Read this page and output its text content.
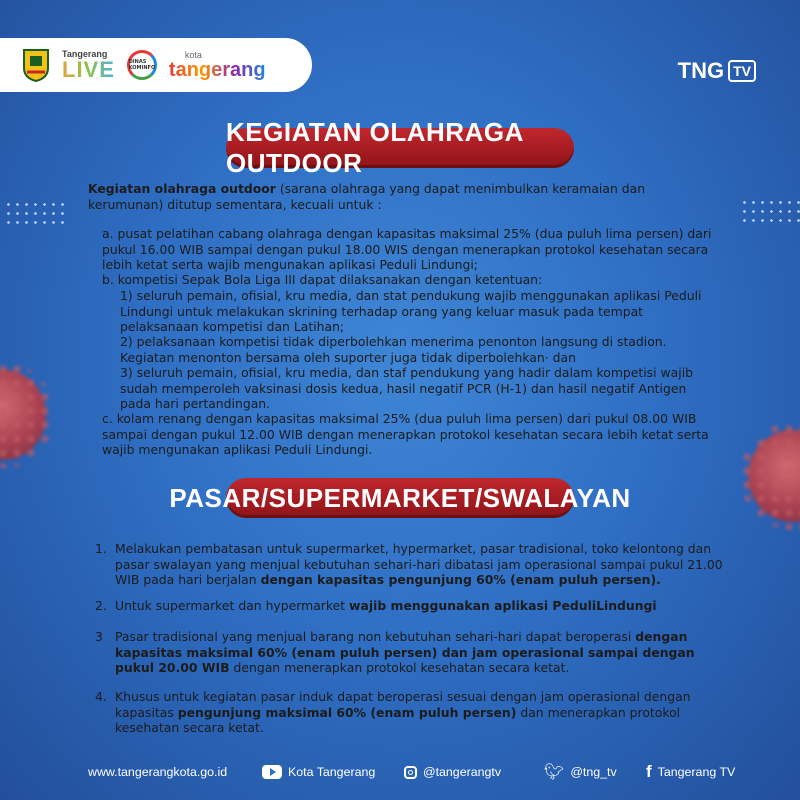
Tangerang
LIVE	DINAS KOMINFO
kota
tangerang	TNG TV
KEGIATAN OLAHRAGA OUTDOOR
Kegiatan olahraga outdoor (sarana olahraga yang dapat menimbulkan keramaian dan kerumunan) ditutup sementara, kecuali untuk :
a. pusat pelatihan cabang olahraga dengan kapasitas maksimal 25% (dua puluh lima persen) dari pukul 16.00 WIB sampai dengan pukul 18.00 WIS dengan menerapkan protokol kesehatan secara lebih ketat serta wajib mengunakan aplikasi Peduli Lindungi;
b. kompetisi Sepak Bola Liga III dapat dilaksanakan dengan ketentuan:
1) seluruh pemain, ofisial, kru media, dan stat pendukung wajib menggunakan aplikasi Peduli Lindungi untuk melakukan skrining terhadap orang yang keluar masuk pada tempat pelaksanaan kompetisi dan Latihan;
2) pelaksanaan kompetisi tidak diperbolehkan menerima penonton langsung di stadion. Kegiatan menonton bersama oleh suporter juga tidak diperbolehkan· dan
3) seluruh pemain, ofisial, kru media, dan staf pendukung yang hadir dalam kompetisi wajib sudah memperoleh vaksinasi dosis kedua, hasil negatif PCR (H-1) dan hasil negatif Antigen pada hari pertandingan.
c. kolam renang dengan kapasitas maksimal 25% (dua puluh lima persen) dari pukul 08.00 WIB sampai dengan pukul 12.00 WIB dengan menerapkan protokol kesehatan secara lebih ketat serta wajib mengunakan aplikasi Peduli Lindungi.
PASAR/SUPERMARKET/SWALAYAN
1. Melakukan pembatasan untuk supermarket, hypermarket, pasar tradisional, toko kelontong dan pasar swalayan yang menjual kebutuhan sehari-hari dibatasi jam operasional sampai pukul 21.00 WIB pada hari berjalan dengan kapasitas pengunjung 60% (enam puluh persen).
2. Untuk supermarket dan hypermarket wajib menggunakan aplikasi PeduliLindungi
3 Pasar tradisional yang menjual barang non kebutuhan sehari-hari dapat beroperasi dengan kapasitas maksimal 60% (enam puluh persen) dan jam operasional sampai dengan pukul 20.00 WIB dengan menerapkan protokol kesehatan secara ketat.
4. Khusus untuk kegiatan pasar induk dapat beroperasi sesuai dengan jam operasional dengan kapasitas pengunjung maksimal 60% (enam puluh persen) dan menerapkan protokol kesehatan secara ketat.
www.tangerangkota.go.id	Kota Tangerang	@tangerangtv	🐦︎ @tng_tv f Tangerang TV
